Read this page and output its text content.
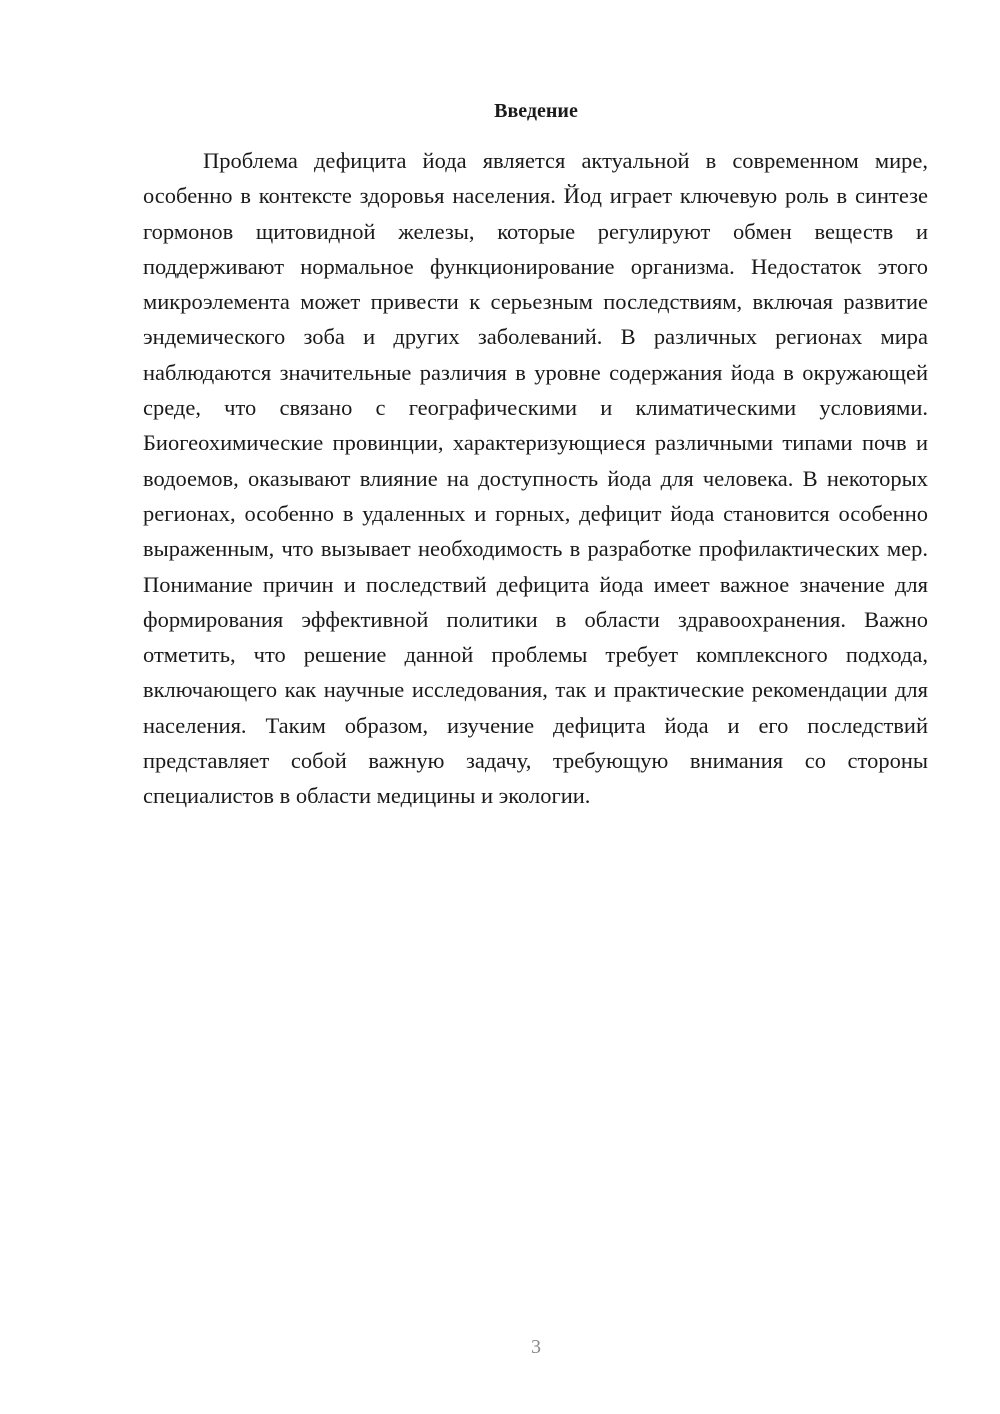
Введение

Проблема дефицита йода является актуальной в современном мире, особенно в контексте здоровья населения. Йод играет ключевую роль в синтезе гормонов щитовидной железы, которые регулируют обмен веществ и поддерживают нормальное функционирование организма. Недостаток этого микроэлемента может привести к серьезным последствиям, включая развитие эндемического зоба и других заболеваний. В различных регионах мира наблюдаются значительные различия в уровне содержания йода в окружающей среде, что связано с географическими и климатическими условиями. Биогеохимические провинции, характеризующиеся различными типами почв и водоемов, оказывают влияние на доступность йода для человека. В некоторых регионах, особенно в удаленных и горных, дефицит йода становится особенно выраженным, что вызывает необходимость в разработке профилактических мер. Понимание причин и последствий дефицита йода имеет важное значение для формирования эффективной политики в области здравоохранения. Важно отметить, что решение данной проблемы требует комплексного подхода, включающего как научные исследования, так и практические рекомендации для населения. Таким образом, изучение дефицита йода и его последствий представляет собой важную задачу, требующую внимания со стороны специалистов в области медицины и экологии.

3
